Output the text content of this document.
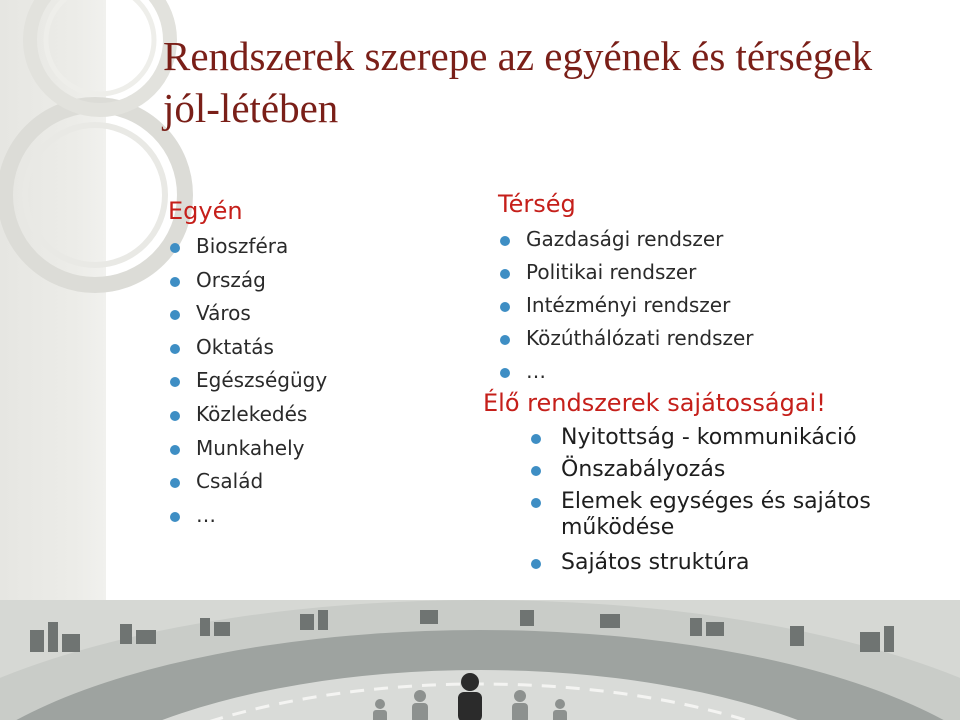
Rendszerek szerepe az egyének és térségek jól-létében
Egyén
Bioszféra
Ország
Város
Oktatás
Egészségügy
Közlekedés
Munkahely
Család
…
Térség
Gazdasági rendszer
Politikai rendszer
Intézményi rendszer
Közúthálózati rendszer
…
Élő rendszerek sajátosságai!
Nyitottság - kommunikáció
Önszabályozás
Elemek egységes és sajátos működése
Sajátos struktúra
